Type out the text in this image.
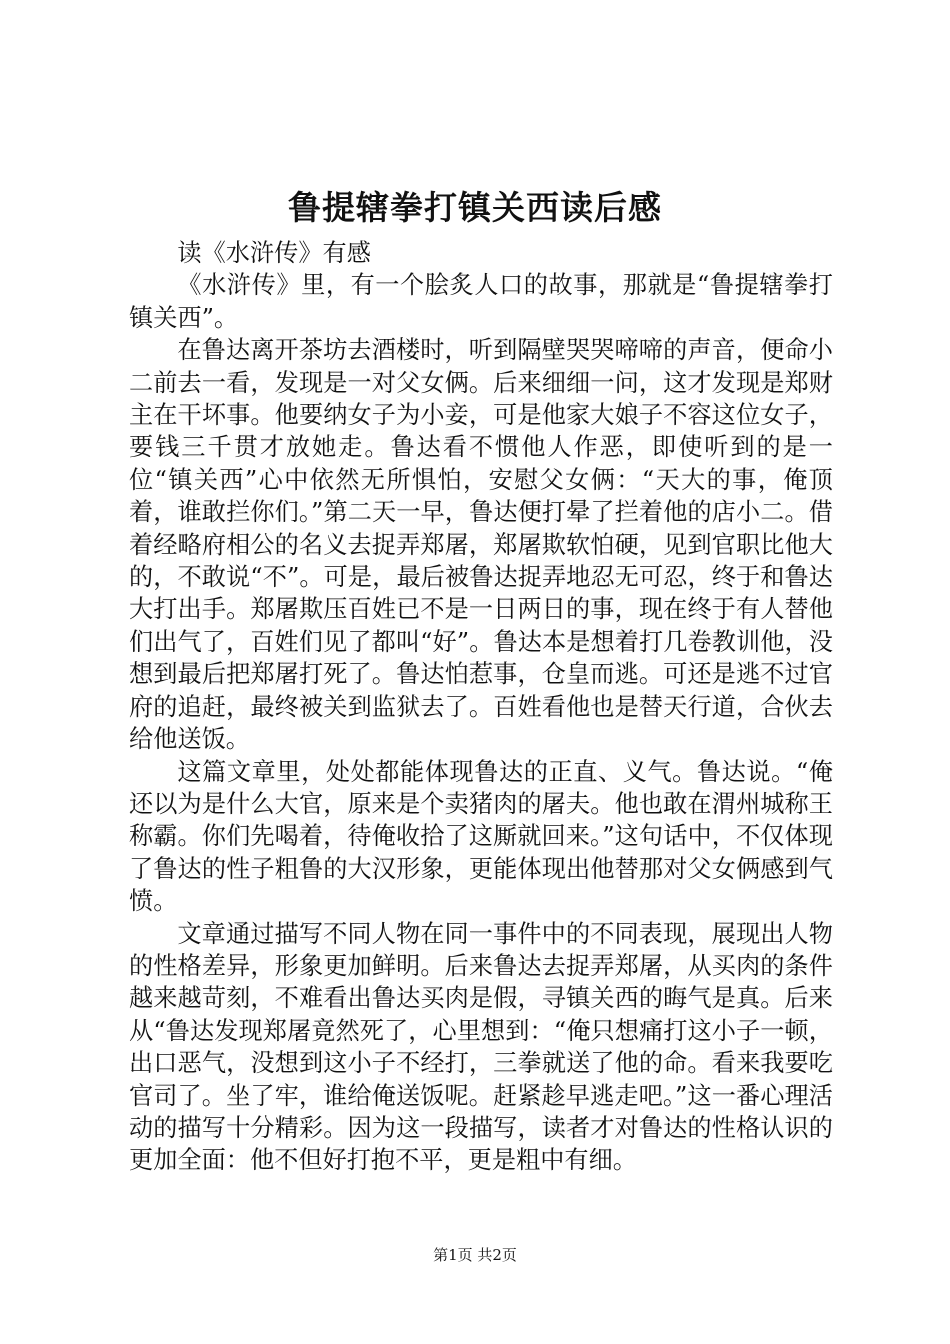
鲁提辖拳打镇关西读后感

读《水浒传》有感

《水浒传》里，有一个脍炙人口的故事，那就是“鲁提辖拳打镇关西”。

在鲁达离开茶坊去酒楼时，听到隔壁哭哭啼啼的声音，便命小二前去一看，发现是一对父女俩。后来细细一问，这才发现是郑财主在干坏事。他要纳女子为小妾，可是他家大娘子不容这位女子，要钱三千贯才放她走。鲁达看不惯他人作恶，即使听到的是一位“镇关西”心中依然无所惧怕，安慰父女俩：“天大的事，俺顶着，谁敢拦你们。”第二天一早，鲁达便打晕了拦着他的店小二。借着经略府相公的名义去捉弄郑屠，郑屠欺软怕硬，见到官职比他大的，不敢说“不”。可是，最后被鲁达捉弄地忍无可忍，终于和鲁达大打出手。郑屠欺压百姓已不是一日两日的事，现在终于有人替他们出气了，百姓们见了都叫“好”。鲁达本是想着打几卷教训他，没想到最后把郑屠打死了。鲁达怕惹事，仓皇而逃。可还是逃不过官府的追赶，最终被关到监狱去了。百姓看他也是替天行道，合伙去给他送饭。

这篇文章里，处处都能体现鲁达的正直、义气。鲁达说。“俺还以为是什么大官，原来是个卖猪肉的屠夫。他也敢在渭州城称王称霸。你们先喝着，待俺收拾了这厮就回来。”这句话中，不仅体现了鲁达的性子粗鲁的大汉形象，更能体现出他替那对父女俩感到气愤。

文章通过描写不同人物在同一事件中的不同表现，展现出人物的性格差异，形象更加鲜明。后来鲁达去捉弄郑屠，从买肉的条件越来越苛刻，不难看出鲁达买肉是假，寻镇关西的晦气是真。后来从“鲁达发现郑屠竟然死了，心里想到：“俺只想痛打这小子一顿，出口恶气，没想到这小子不经打，三拳就送了他的命。看来我要吃官司了。坐了牢，谁给俺送饭呢。赶紧趁早逃走吧。”这一番心理活动的描写十分精彩。因为这一段描写，读者才对鲁达的性格认识的更加全面：他不但好打抱不平，更是粗中有细。

第1页 共2页
